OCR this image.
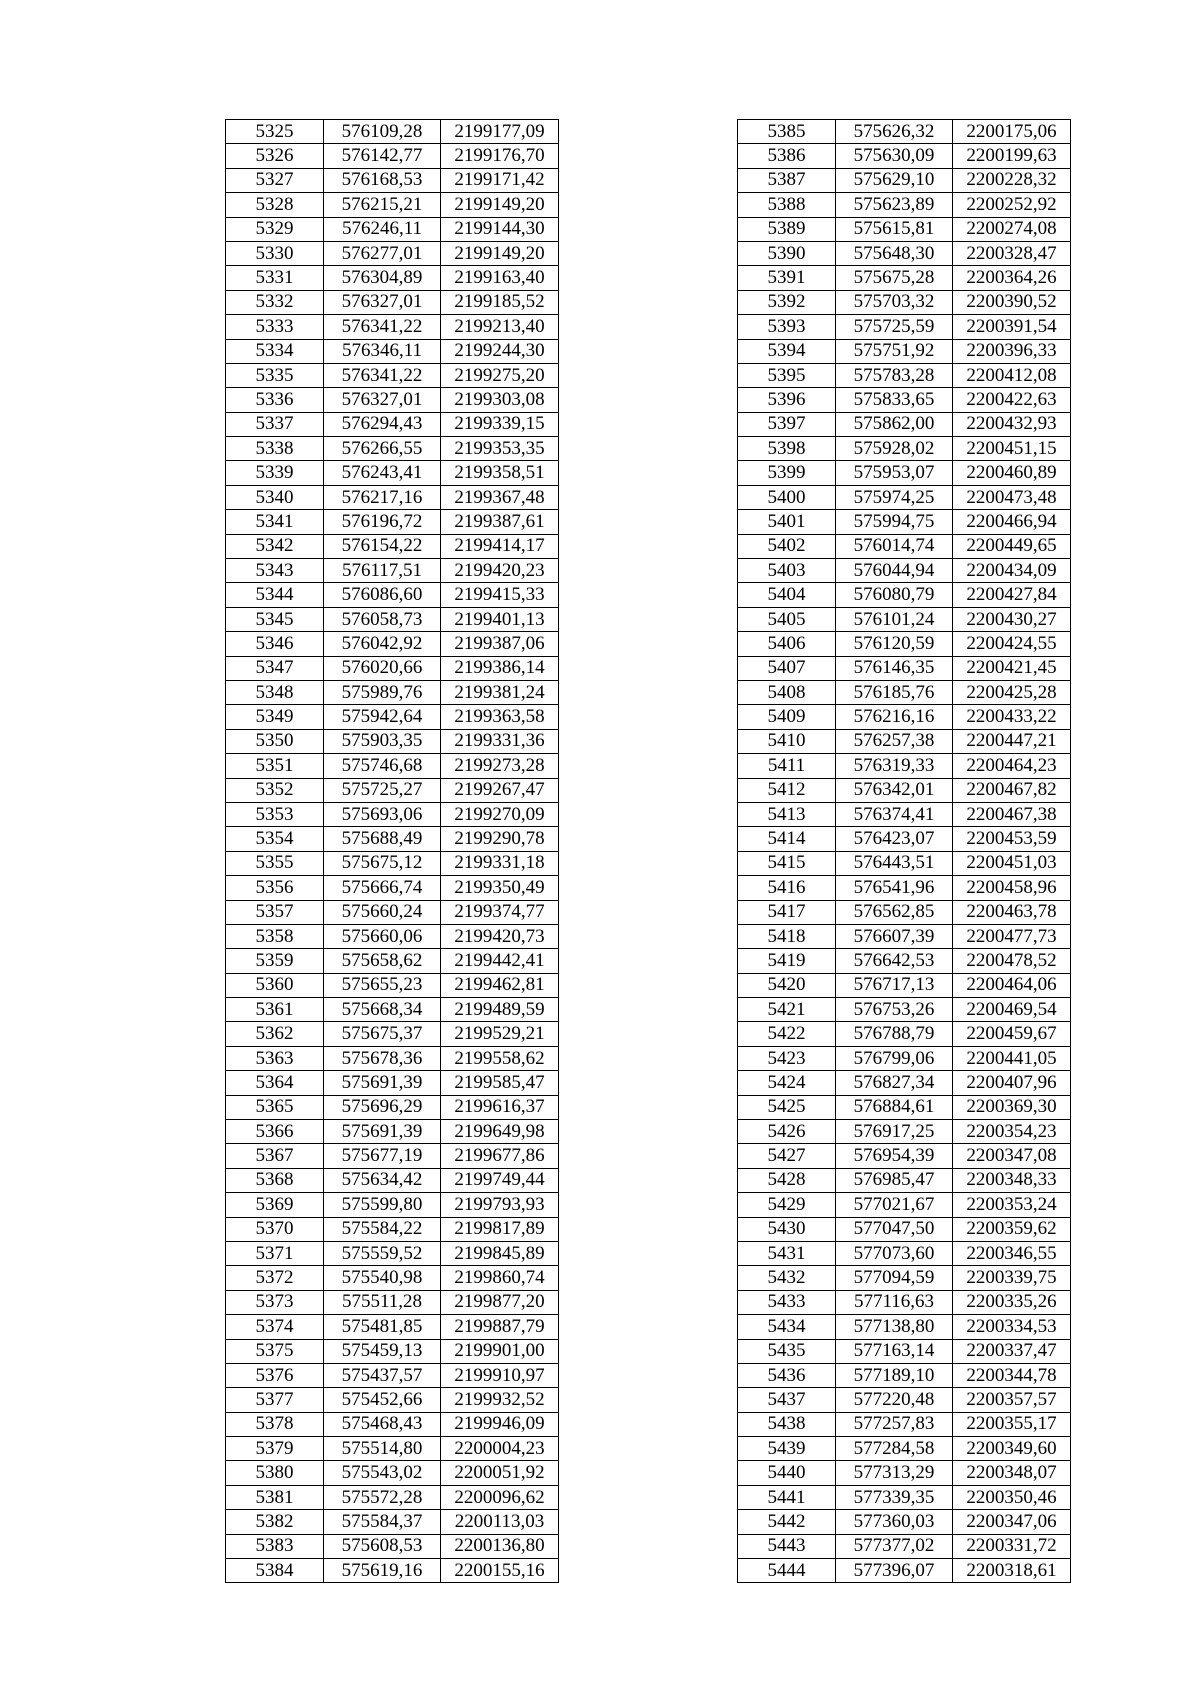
5325	576109,28	2199177,09
5326	576142,77	2199176,70
5327	576168,53	2199171,42
5328	576215,21	2199149,20
5329	576246,11	2199144,30
5330	576277,01	2199149,20
5331	576304,89	2199163,40
5332	576327,01	2199185,52
5333	576341,22	2199213,40
5334	576346,11	2199244,30
5335	576341,22	2199275,20
5336	576327,01	2199303,08
5337	576294,43	2199339,15
5338	576266,55	2199353,35
5339	576243,41	2199358,51
5340	576217,16	2199367,48
5341	576196,72	2199387,61
5342	576154,22	2199414,17
5343	576117,51	2199420,23
5344	576086,60	2199415,33
5345	576058,73	2199401,13
5346	576042,92	2199387,06
5347	576020,66	2199386,14
5348	575989,76	2199381,24
5349	575942,64	2199363,58
5350	575903,35	2199331,36
5351	575746,68	2199273,28
5352	575725,27	2199267,47
5353	575693,06	2199270,09
5354	575688,49	2199290,78
5355	575675,12	2199331,18
5356	575666,74	2199350,49
5357	575660,24	2199374,77
5358	575660,06	2199420,73
5359	575658,62	2199442,41
5360	575655,23	2199462,81
5361	575668,34	2199489,59
5362	575675,37	2199529,21
5363	575678,36	2199558,62
5364	575691,39	2199585,47
5365	575696,29	2199616,37
5366	575691,39	2199649,98
5367	575677,19	2199677,86
5368	575634,42	2199749,44
5369	575599,80	2199793,93
5370	575584,22	2199817,89
5371	575559,52	2199845,89
5372	575540,98	2199860,74
5373	575511,28	2199877,20
5374	575481,85	2199887,79
5375	575459,13	2199901,00
5376	575437,57	2199910,97
5377	575452,66	2199932,52
5378	575468,43	2199946,09
5379	575514,80	2200004,23
5380	575543,02	2200051,92
5381	575572,28	2200096,62
5382	575584,37	2200113,03
5383	575608,53	2200136,80
5384	575619,16	2200155,16
5385	575626,32	2200175,06
5386	575630,09	2200199,63
5387	575629,10	2200228,32
5388	575623,89	2200252,92
5389	575615,81	2200274,08
5390	575648,30	2200328,47
5391	575675,28	2200364,26
5392	575703,32	2200390,52
5393	575725,59	2200391,54
5394	575751,92	2200396,33
5395	575783,28	2200412,08
5396	575833,65	2200422,63
5397	575862,00	2200432,93
5398	575928,02	2200451,15
5399	575953,07	2200460,89
5400	575974,25	2200473,48
5401	575994,75	2200466,94
5402	576014,74	2200449,65
5403	576044,94	2200434,09
5404	576080,79	2200427,84
5405	576101,24	2200430,27
5406	576120,59	2200424,55
5407	576146,35	2200421,45
5408	576185,76	2200425,28
5409	576216,16	2200433,22
5410	576257,38	2200447,21
5411	576319,33	2200464,23
5412	576342,01	2200467,82
5413	576374,41	2200467,38
5414	576423,07	2200453,59
5415	576443,51	2200451,03
5416	576541,96	2200458,96
5417	576562,85	2200463,78
5418	576607,39	2200477,73
5419	576642,53	2200478,52
5420	576717,13	2200464,06
5421	576753,26	2200469,54
5422	576788,79	2200459,67
5423	576799,06	2200441,05
5424	576827,34	2200407,96
5425	576884,61	2200369,30
5426	576917,25	2200354,23
5427	576954,39	2200347,08
5428	576985,47	2200348,33
5429	577021,67	2200353,24
5430	577047,50	2200359,62
5431	577073,60	2200346,55
5432	577094,59	2200339,75
5433	577116,63	2200335,26
5434	577138,80	2200334,53
5435	577163,14	2200337,47
5436	577189,10	2200344,78
5437	577220,48	2200357,57
5438	577257,83	2200355,17
5439	577284,58	2200349,60
5440	577313,29	2200348,07
5441	577339,35	2200350,46
5442	577360,03	2200347,06
5443	577377,02	2200331,72
5444	577396,07	2200318,61
